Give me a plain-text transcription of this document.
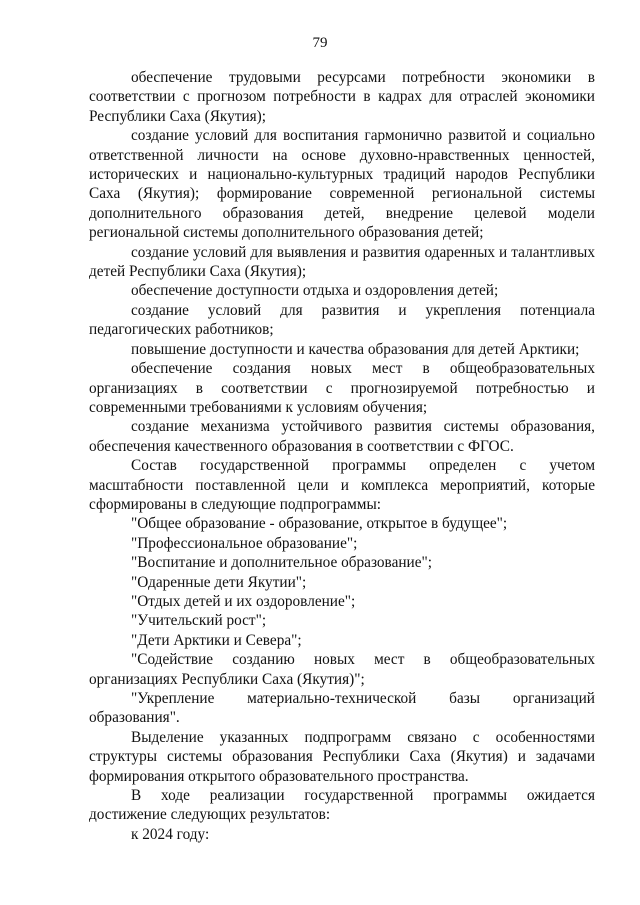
79

обеспечение трудовыми ресурсами потребности экономики в соответствии с прогнозом потребности в кадрах для отраслей экономики Республики Саха (Якутия);

создание условий для воспитания гармонично развитой и социально ответственной личности на основе духовно-нравственных ценностей, исторических и национально-культурных традиций народов Республики Саха (Якутия); формирование современной региональной системы дополнительного образования детей, внедрение целевой модели региональной системы дополнительного образования детей;

создание условий для выявления и развития одаренных и талантливых детей Республики Саха (Якутия);

обеспечение доступности отдыха и оздоровления детей;

создание условий для развития и укрепления потенциала педагогических работников;

повышение доступности и качества образования для детей Арктики;

обеспечение создания новых мест в общеобразовательных организациях в соответствии с прогнозируемой потребностью и современными требованиями к условиям обучения;

создание механизма устойчивого развития системы образования, обеспечения качественного образования в соответствии с ФГОС.

Состав государственной программы определен с учетом масштабности поставленной цели и комплекса мероприятий, которые сформированы в следующие подпрограммы:

"Общее образование - образование, открытое в будущее";

"Профессиональное образование";

"Воспитание и дополнительное образование";

"Одаренные дети Якутии";

"Отдых детей и их оздоровление";

"Учительский рост";

"Дети Арктики и Севера";

"Содействие созданию новых мест в общеобразовательных организациях Республики Саха (Якутия)";

"Укрепление материально-технической базы организаций образования".

Выделение указанных подпрограмм связано с особенностями структуры системы образования Республики Саха (Якутия) и задачами формирования открытого образовательного пространства.

В ходе реализации государственной программы ожидается достижение следующих результатов:

к 2024 году:
